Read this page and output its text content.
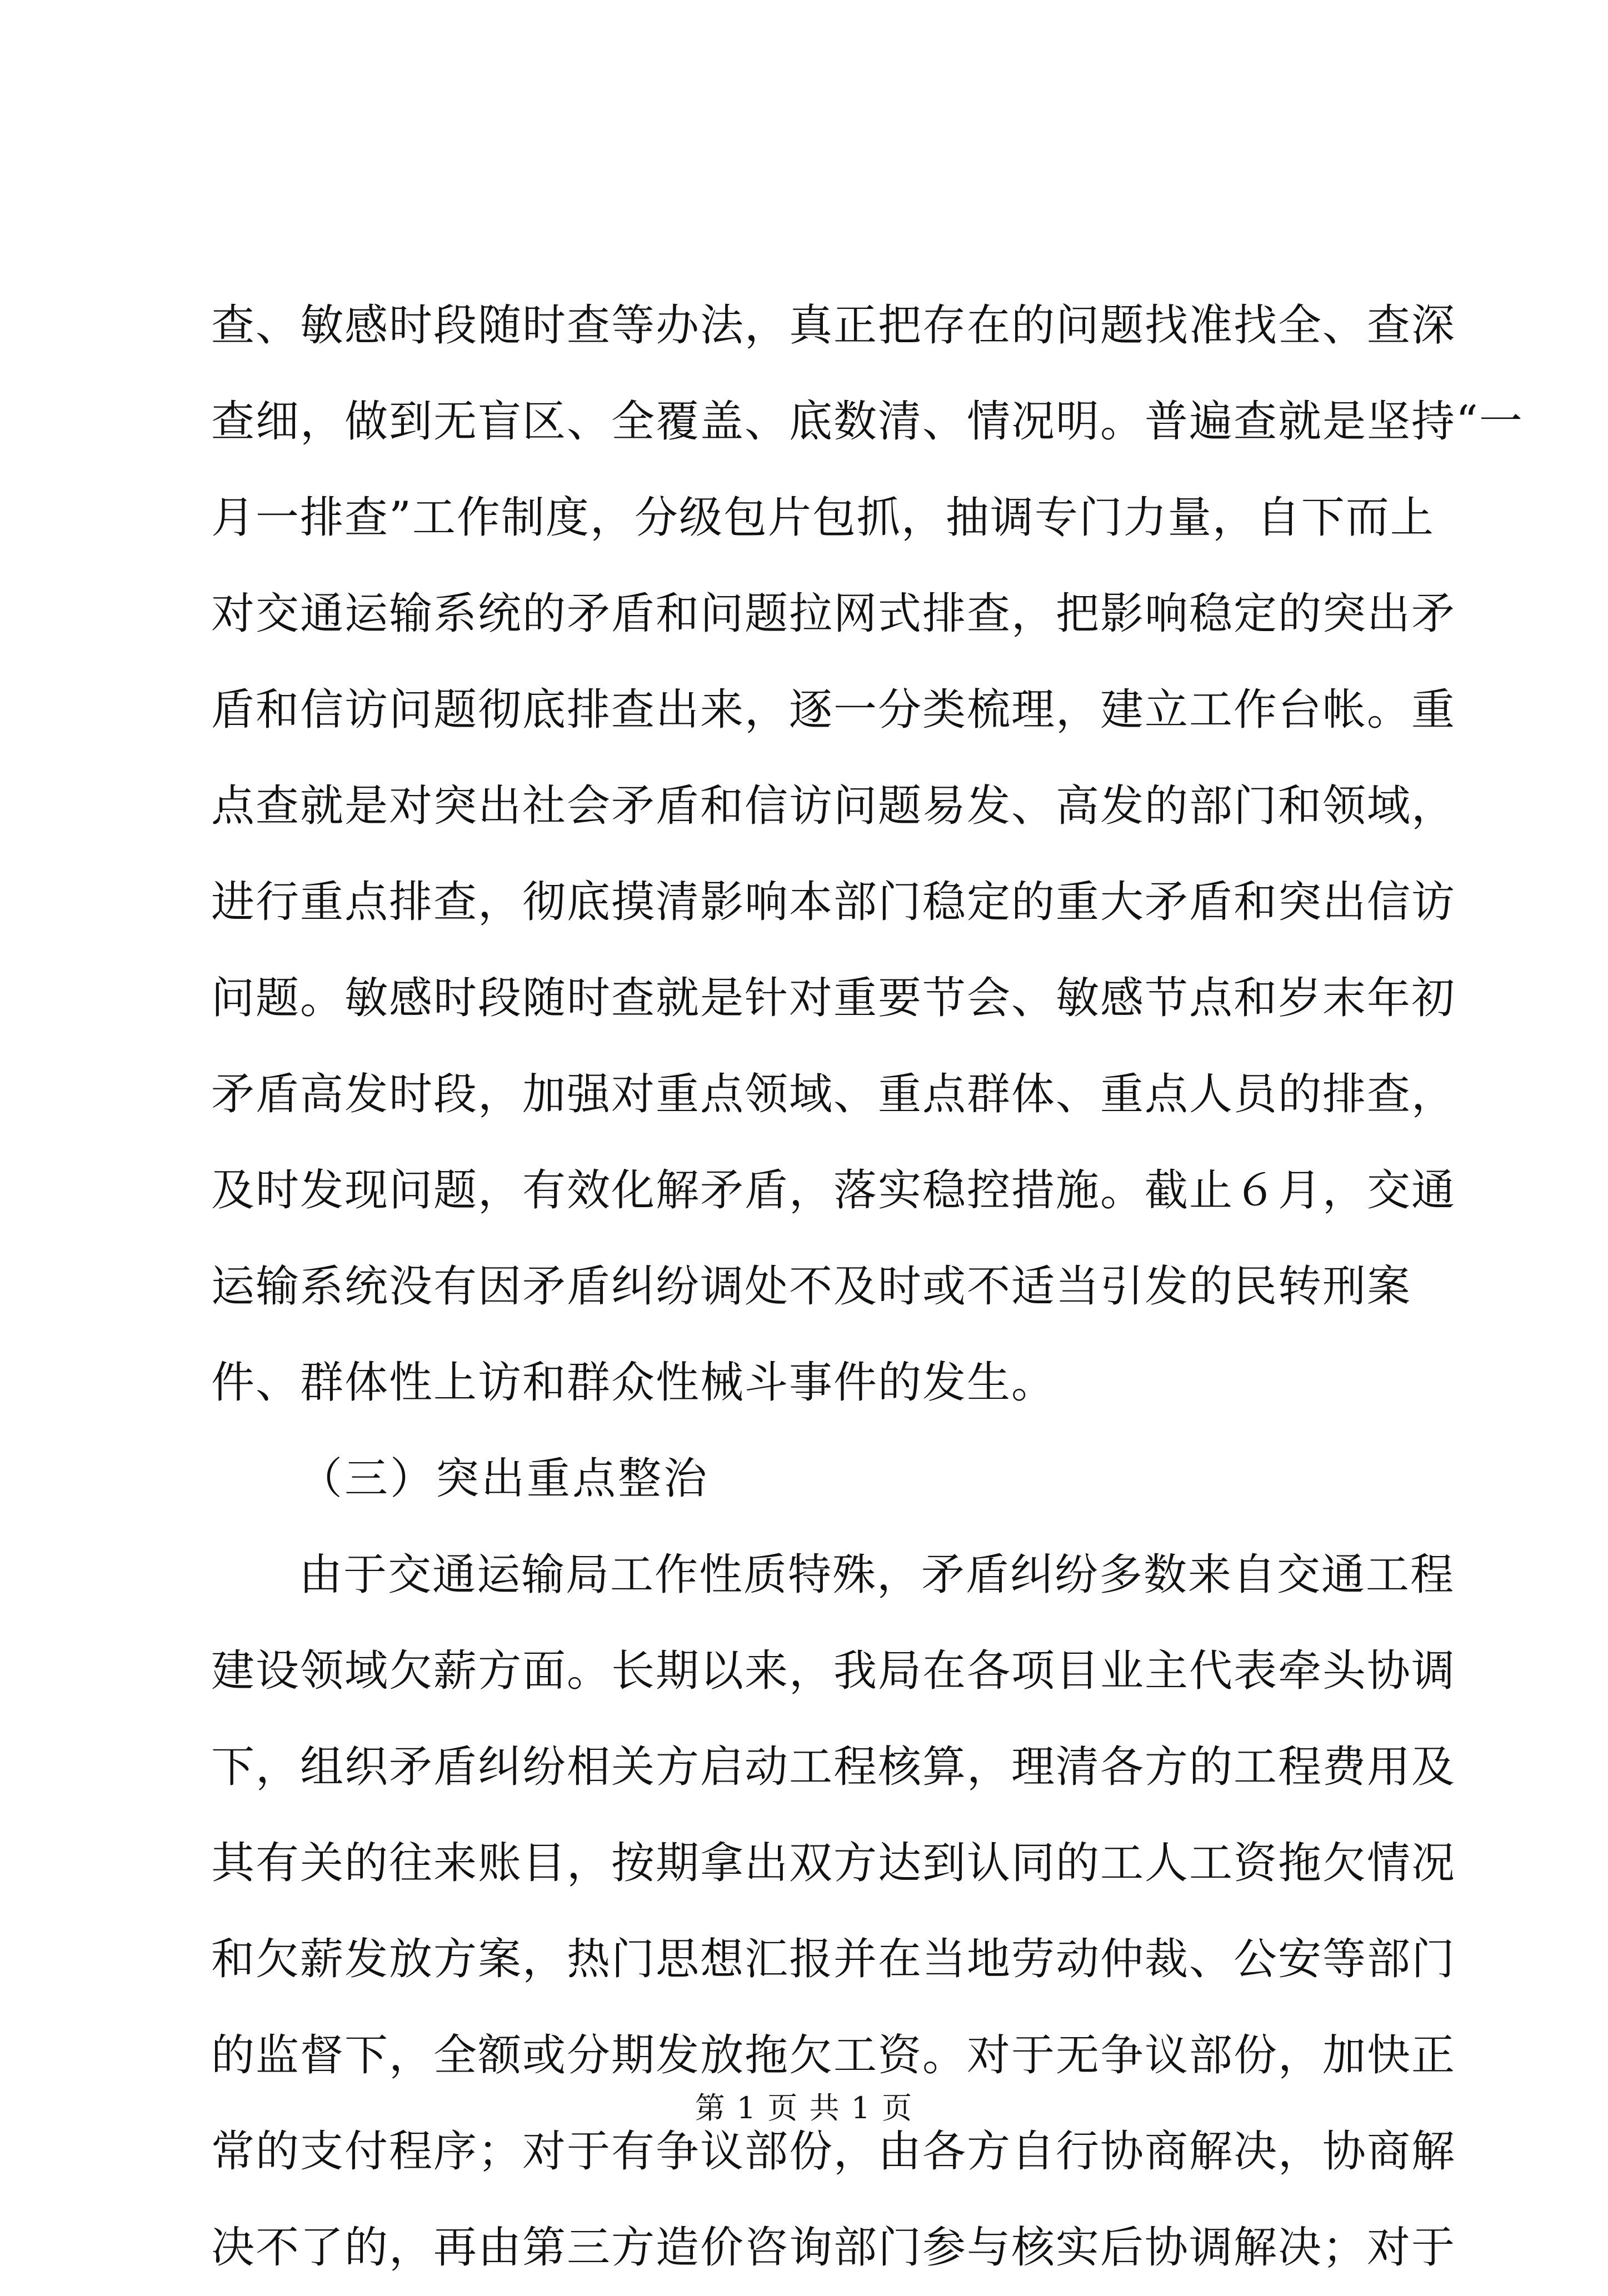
查、敏感时段随时查等办法，真正把存在的问题找准找全、查深
查细，做到无盲区、全覆盖、底数清、情况明。普遍查就是坚持“一
月一排查”工作制度，分级包片包抓，抽调专门力量，自下而上
对交通运输系统的矛盾和问题拉网式排查，把影响稳定的突出矛
盾和信访问题彻底排查出来，逐一分类梳理，建立工作台帐。重
点查就是对突出社会矛盾和信访问题易发、高发的部门和领域，
进行重点排查，彻底摸清影响本部门稳定的重大矛盾和突出信访
问题。敏感时段随时查就是针对重要节会、敏感节点和岁末年初
矛盾高发时段，加强对重点领域、重点群体、重点人员的排查，
及时发现问题，有效化解矛盾，落实稳控措施。截止６月，交通
运输系统没有因矛盾纠纷调处不及时或不适当引发的民转刑案
件、群体性上访和群众性械斗事件的发生。
（三）突出重点整治
由于交通运输局工作性质特殊，矛盾纠纷多数来自交通工程
建设领域欠薪方面。长期以来，我局在各项目业主代表牵头协调
下，组织矛盾纠纷相关方启动工程核算，理清各方的工程费用及
其有关的往来账目，按期拿出双方达到认同的工人工资拖欠情况
和欠薪发放方案，热门思想汇报并在当地劳动仲裁、公安等部门
的监督下，全额或分期发放拖欠工资。对于无争议部份，加快正
常的支付程序；对于有争议部份，由各方自行协商解决，协商解
决不了的，再由第三方造价咨询部门参与核实后协调解决；对于
第 1 页 共 1 页
